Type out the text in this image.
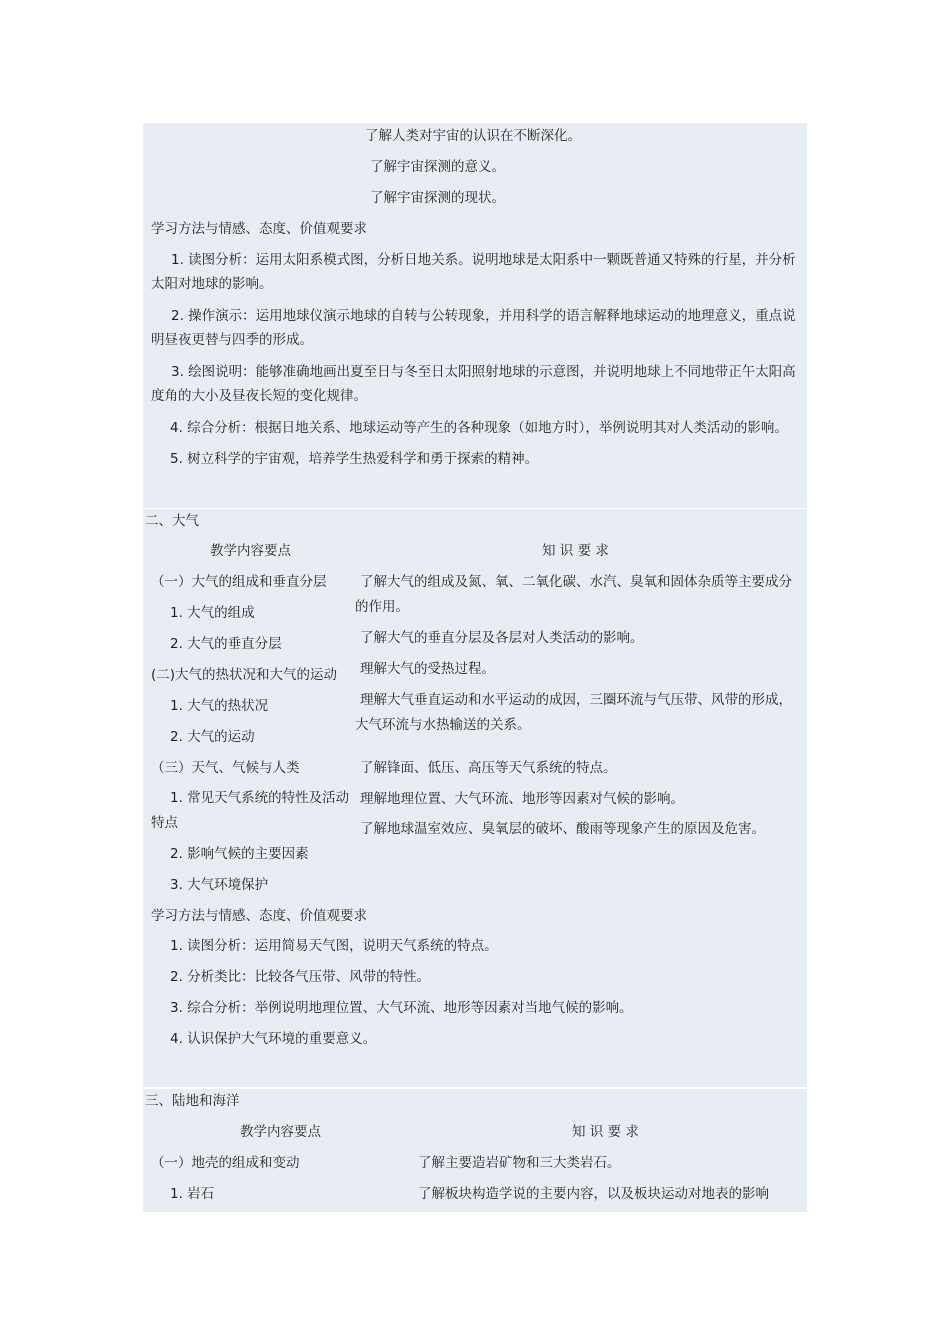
了解人类对宇宙的认识在不断深化。
了解宇宙探测的意义。
了解宇宙探测的现状。
学习方法与情感、态度、价值观要求
1. 读图分析：运用太阳系模式图，分析日地关系。说明地球是太阳系中一颗既普通又特殊的行星，并分析太阳对地球的影响。
2. 操作演示：运用地球仪演示地球的自转与公转现象，并用科学的语言解释地球运动的地理意义，重点说明昼夜更替与四季的形成。
3. 绘图说明：能够准确地画出夏至日与冬至日太阳照射地球的示意图，并说明地球上不同地带正午太阳高度角的大小及昼夜长短的变化规律。
4. 综合分析：根据日地关系、地球运动等产生的各种现象（如地方时），举例说明其对人类活动的影响。
5. 树立科学的宇宙观，培养学生热爱科学和勇于探索的精神。
二、大气
教学内容要点	知 识 要 求
（一）大气的组成和垂直分层
1. 大气的组成
2. 大气的垂直分层
(二)大气的热状况和大气的运动
1. 大气的热状况
2. 大气的运动
（三）天气、气候与人类
1. 常见天气系统的特性及活动特点
2. 影响气候的主要因素
3. 大气环境保护
了解大气的组成及氮、氧、二氧化碳、水汽、臭氧和固体杂质等主要成分的作用。
了解大气的垂直分层及各层对人类活动的影响。
理解大气的受热过程。
理解大气垂直运动和水平运动的成因，三圈环流与气压带、风带的形成，大气环流与水热输送的关系。
了解锋面、低压、高压等天气系统的特点。
理解地理位置、大气环流、地形等因素对气候的影响。
了解地球温室效应、臭氧层的破坏、酸雨等现象产生的原因及危害。
学习方法与情感、态度、价值观要求
1. 读图分析：运用简易天气图，说明天气系统的特点。
2. 分析类比：比较各气压带、风带的特性。
3. 综合分析：举例说明地理位置、大气环流、地形等因素对当地气候的影响。
4. 认识保护大气环境的重要意义。
三、陆地和海洋
教学内容要点	知 识 要 求
（一）地壳的组成和变动
1. 岩石
了解主要造岩矿物和三大类岩石。
了解板块构造学说的主要内容，以及板块运动对地表的影响
